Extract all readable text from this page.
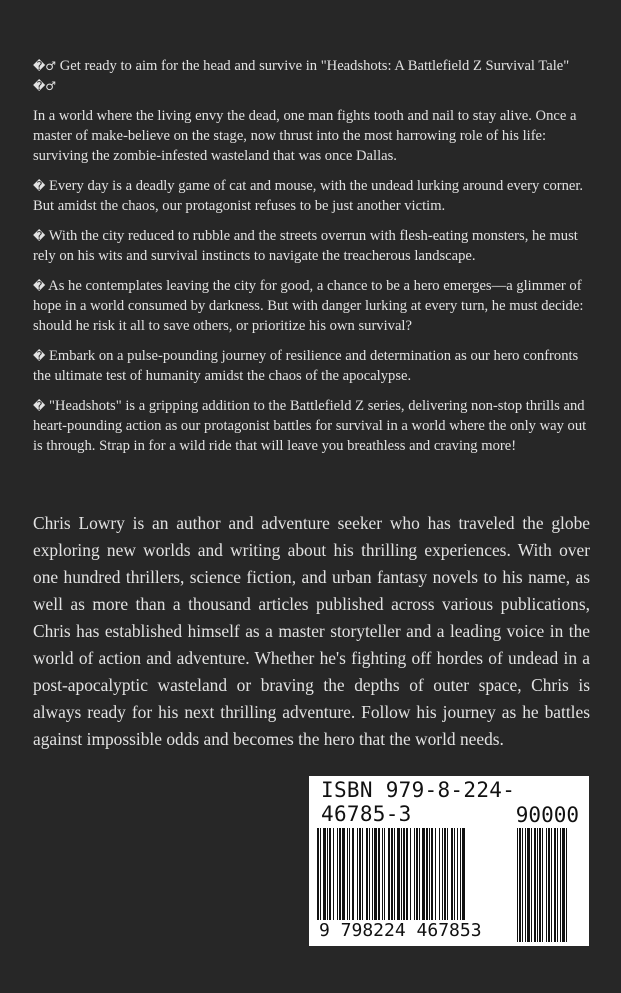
�♂ Get ready to aim for the head and survive in "Headshots: A Battlefield Z Survival Tale"
�♂

In a world where the living envy the dead, one man fights tooth and nail to stay alive. Once a master of make-believe on the stage, now thrust into the most harrowing role of his life: surviving the zombie-infested wasteland that was once Dallas.

� Every day is a deadly game of cat and mouse, with the undead lurking around every corner. But amidst the chaos, our protagonist refuses to be just another victim.

� With the city reduced to rubble and the streets overrun with flesh-eating monsters, he must rely on his wits and survival instincts to navigate the treacherous landscape.

� As he contemplates leaving the city for good, a chance to be a hero emerges—a glimmer of hope in a world consumed by darkness. But with danger lurking at every turn, he must decide: should he risk it all to save others, or prioritize his own survival?

� Embark on a pulse-pounding journey of resilience and determination as our hero confronts the ultimate test of humanity amidst the chaos of the apocalypse.

� "Headshots" is a gripping addition to the Battlefield Z series, delivering non-stop thrills and heart-pounding action as our protagonist battles for survival in a world where the only way out is through. Strap in for a wild ride that will leave you breathless and craving more!

Chris Lowry is an author and adventure seeker who has traveled the globe exploring new worlds and writing about his thrilling experiences. With over one hundred thrillers, science fiction, and urban fantasy novels to his name, as well as more than a thousand articles published across various publications, Chris has established himself as a master storyteller and a leading voice in the world of action and adventure. Whether he's fighting off hordes of undead in a post-apocalyptic wasteland or braving the depths of outer space, Chris is always ready for his next thrilling adventure. Follow his journey as he battles against impossible odds and becomes the hero that the world needs.

ISBN 979-8-224-46785-3	90000
9 798224 467853
